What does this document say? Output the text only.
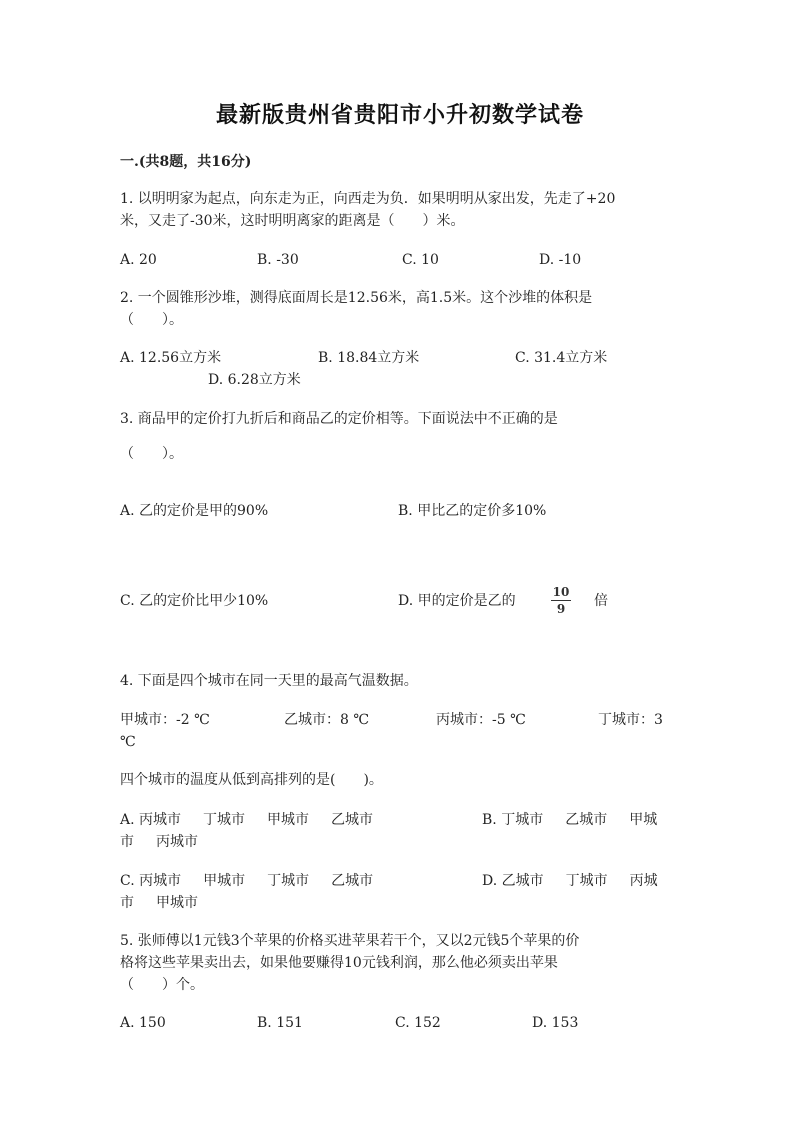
最新版贵州省贵阳市小升初数学试卷
一.(共8题，共16分)
1. 以明明家为起点，向东走为正，向西走为负．如果明明从家出发，先走了+20
米，又走了-30米，这时明明离家的距离是（　　）米。
A. 20	B. -30	C. 10	D. -10
2. 一个圆锥形沙堆，测得底面周长是12.56米，高1.5米。这个沙堆的体积是
（　　）。
A. 12.56立方米	B. 18.84立方米	C. 31.4立方米
D. 6.28立方米
3. 商品甲的定价打九折后和商品乙的定价相等。下面说法中不正确的是
（　　）。
A. 乙的定价是甲的90%	B. 甲比乙的定价多10%
C. 乙的定价比甲少10%	D. 甲的定价是乙的
10
9	倍
4. 下面是四个城市在同一天里的最高气温数据。
甲城市：-2 ℃	乙城市：8 ℃	丙城市：-5 ℃	丁城市：3
℃
四个城市的温度从低到高排列的是(　　)。
A. 丙城市 丁城市 甲城市 乙城市	B. 丁城市 乙城市 甲城
市 丙城市
C. 丙城市 甲城市 丁城市 乙城市	D. 乙城市 丁城市 丙城
市 甲城市
5. 张师傅以1元钱3个苹果的价格买进苹果若干个，又以2元钱5个苹果的价
格将这些苹果卖出去，如果他要赚得10元钱利润，那么他必须卖出苹果
（　　）个。
A. 150	B. 151	C. 152	D. 153
